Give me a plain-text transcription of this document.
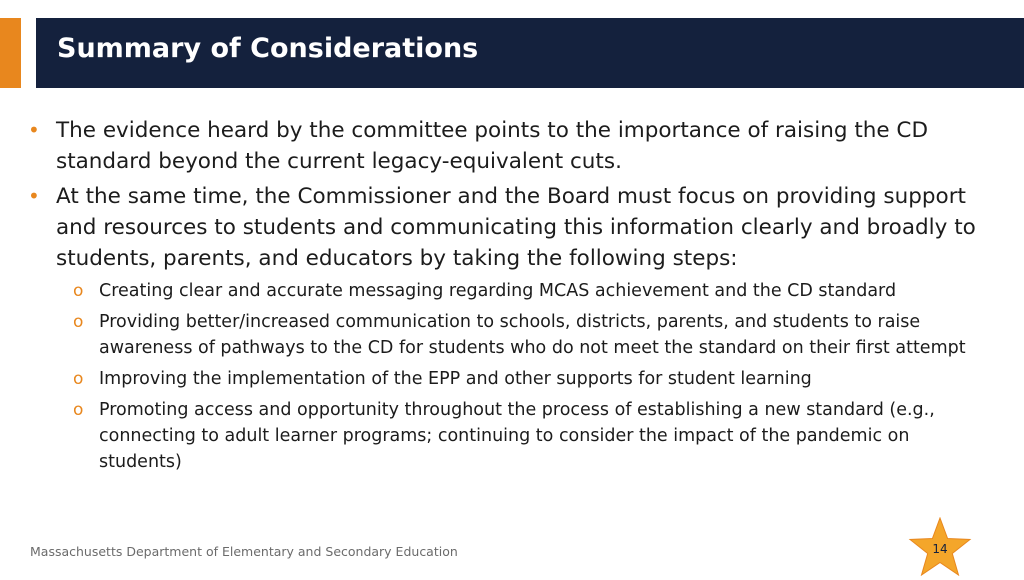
Summary of Considerations
• The evidence heard by the committee points to the importance of raising the CD standard beyond the current legacy-equivalent cuts.
• At the same time, the Commissioner and the Board must focus on providing support and resources to students and communicating this information clearly and broadly to students, parents, and educators by taking the following steps:
o Creating clear and accurate messaging regarding MCAS achievement and the CD standard
o Providing better/increased communication to schools, districts, parents, and students to raise awareness of pathways to the CD for students who do not meet the standard on their first attempt
o Improving the implementation of the EPP and other supports for student learning
o Promoting access and opportunity throughout the process of establishing a new standard (e.g., connecting to adult learner programs; continuing to consider the impact of the pandemic on students)
Massachusetts Department of Elementary and Secondary Education	14
